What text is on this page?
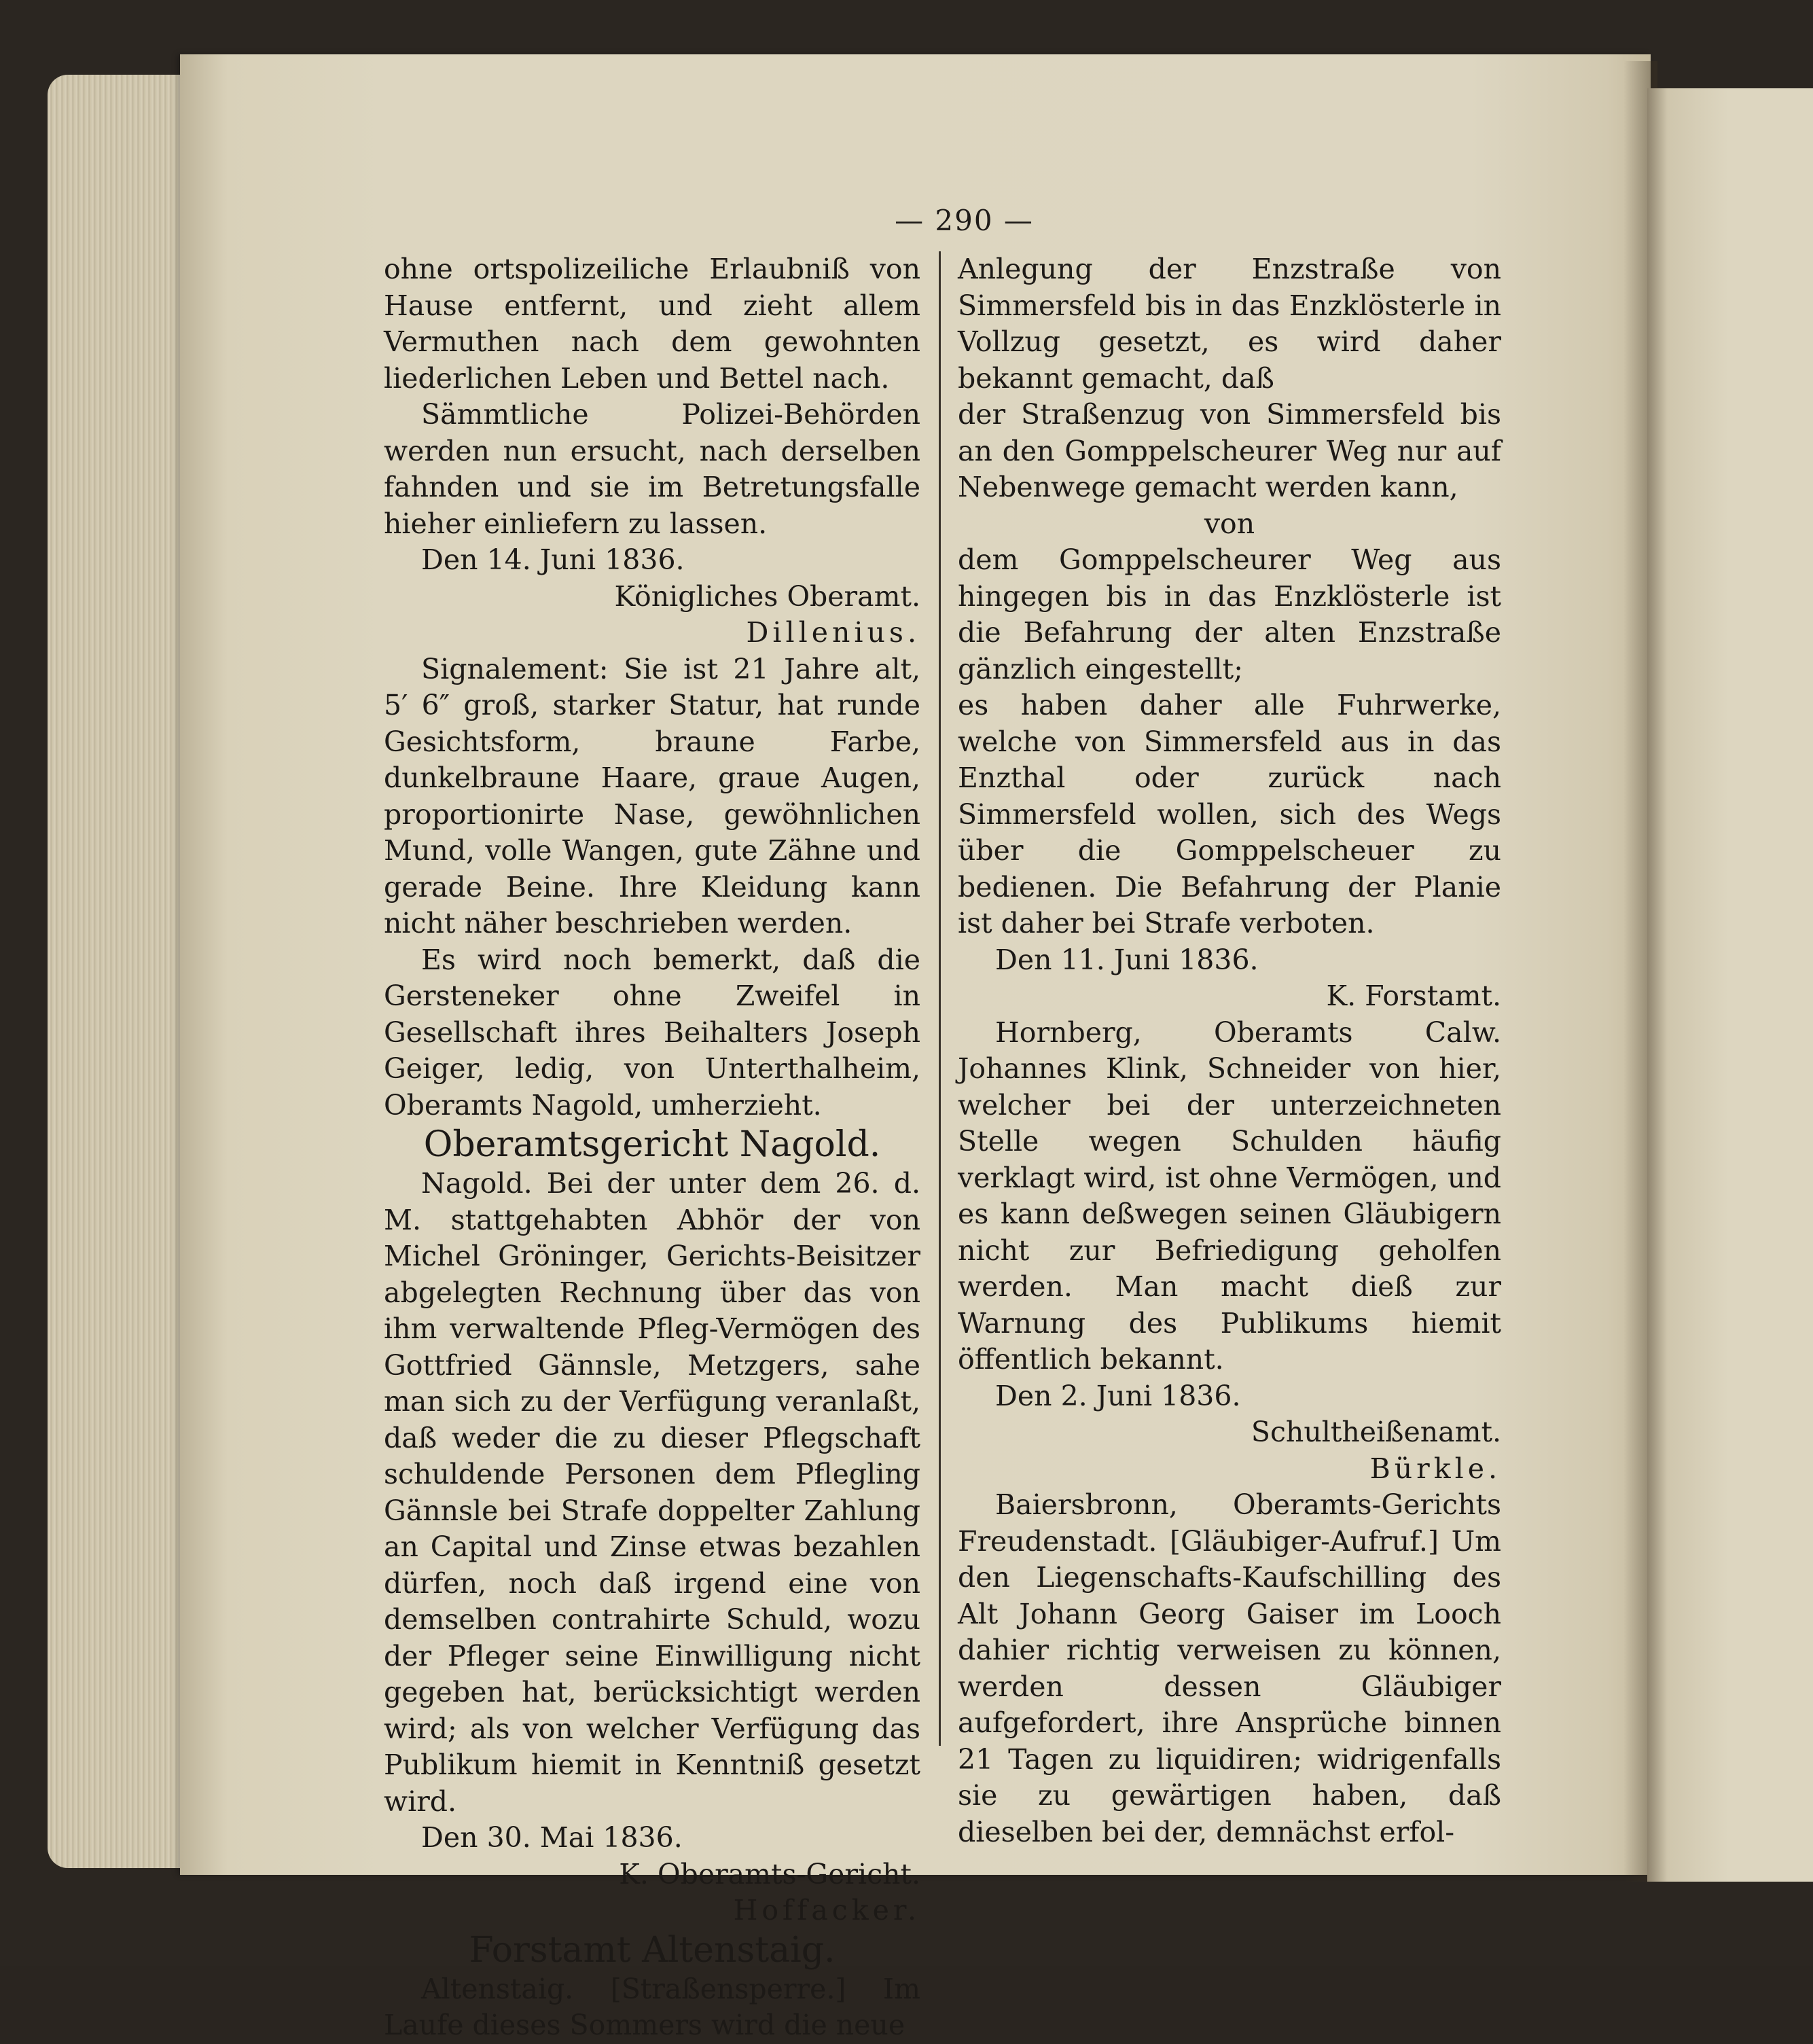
— 290 —

ohne ortspolizeiliche Erlaubniß von Hause entfernt, und zieht allem Vermuthen nach dem gewohnten liederlichen Leben und Bettel nach.

Sämmtliche Polizei-Behörden werden nun ersucht, nach derselben fahnden und sie im Betretungsfalle hieher einliefern zu lassen.

Den 14. Juni 1836.

Königliches Oberamt.

Dillenius.

Signalement: Sie ist 21 Jahre alt, 5′ 6″ groß, starker Statur, hat runde Gesichtsform, braune Farbe, dunkelbraune Haare, graue Augen, proportionirte Nase, gewöhnlichen Mund, volle Wangen, gute Zähne und gerade Beine. Ihre Kleidung kann nicht näher beschrieben werden.

Es wird noch bemerkt, daß die Gersteneker ohne Zweifel in Gesellschaft ihres Beihalters Joseph Geiger, ledig, von Unterthalheim, Oberamts Nagold, umherzieht.

Oberamtsgericht Nagold.

Nagold. Bei der unter dem 26. d. M. stattgehabten Abhör der von Michel Gröninger, Gerichts-Beisitzer abgelegten Rechnung über das von ihm verwaltende Pfleg-Vermögen des Gottfried Gännsle, Metzgers, sahe man sich zu der Verfügung veranlaßt, daß weder die zu dieser Pflegschaft schuldende Personen dem Pflegling Gännsle bei Strafe doppelter Zahlung an Capital und Zinse etwas bezahlen dürfen, noch daß irgend eine von demselben contrahirte Schuld, wozu der Pfleger seine Einwilligung nicht gegeben hat, berücksichtigt werden wird; als von welcher Verfügung das Publikum hiemit in Kenntniß gesetzt wird.

Den 30. Mai 1836.

K. Oberamts-Gericht.

Hoffacker.

Forstamt Altenstaig.

Altenstaig. [Straßensperre.] Im Laufe dieses Sommers wird die neue

Anlegung der Enzstraße von Simmersfeld bis in das Enzklösterle in Vollzug gesetzt, es wird daher bekannt gemacht, daß

der Straßenzug von Simmersfeld bis an den Gomppelscheurer Weg nur auf Nebenwege gemacht werden kann,

von

dem Gomppelscheurer Weg aus hingegen bis in das Enzklösterle ist die Befahrung der alten Enzstraße gänzlich eingestellt;

es haben daher alle Fuhrwerke, welche von Simmersfeld aus in das Enzthal oder zurück nach Simmersfeld wollen, sich des Wegs über die Gomppelscheuer zu bedienen. Die Befahrung der Planie ist daher bei Strafe verboten.

Den 11. Juni 1836.

K. Forstamt.

Hornberg, Oberamts Calw. Johannes Klink, Schneider von hier, welcher bei der unterzeichneten Stelle wegen Schulden häufig verklagt wird, ist ohne Vermögen, und es kann deßwegen seinen Gläubigern nicht zur Befriedigung geholfen werden. Man macht dieß zur Warnung des Publikums hiemit öffentlich bekannt.

Den 2. Juni 1836.

Schultheißenamt.

Bürkle.

Baiersbronn, Oberamts-Gerichts Freudenstadt. [Gläubiger-Aufruf.] Um den Liegenschafts-Kaufschilling des Alt Johann Georg Gaiser im Looch dahier richtig verweisen zu können, werden dessen Gläubiger aufgefordert, ihre Ansprüche binnen 21 Tagen zu liquidiren; widrigenfalls sie zu gewärtigen haben, daß dieselben bei der, demnächst erfol-
